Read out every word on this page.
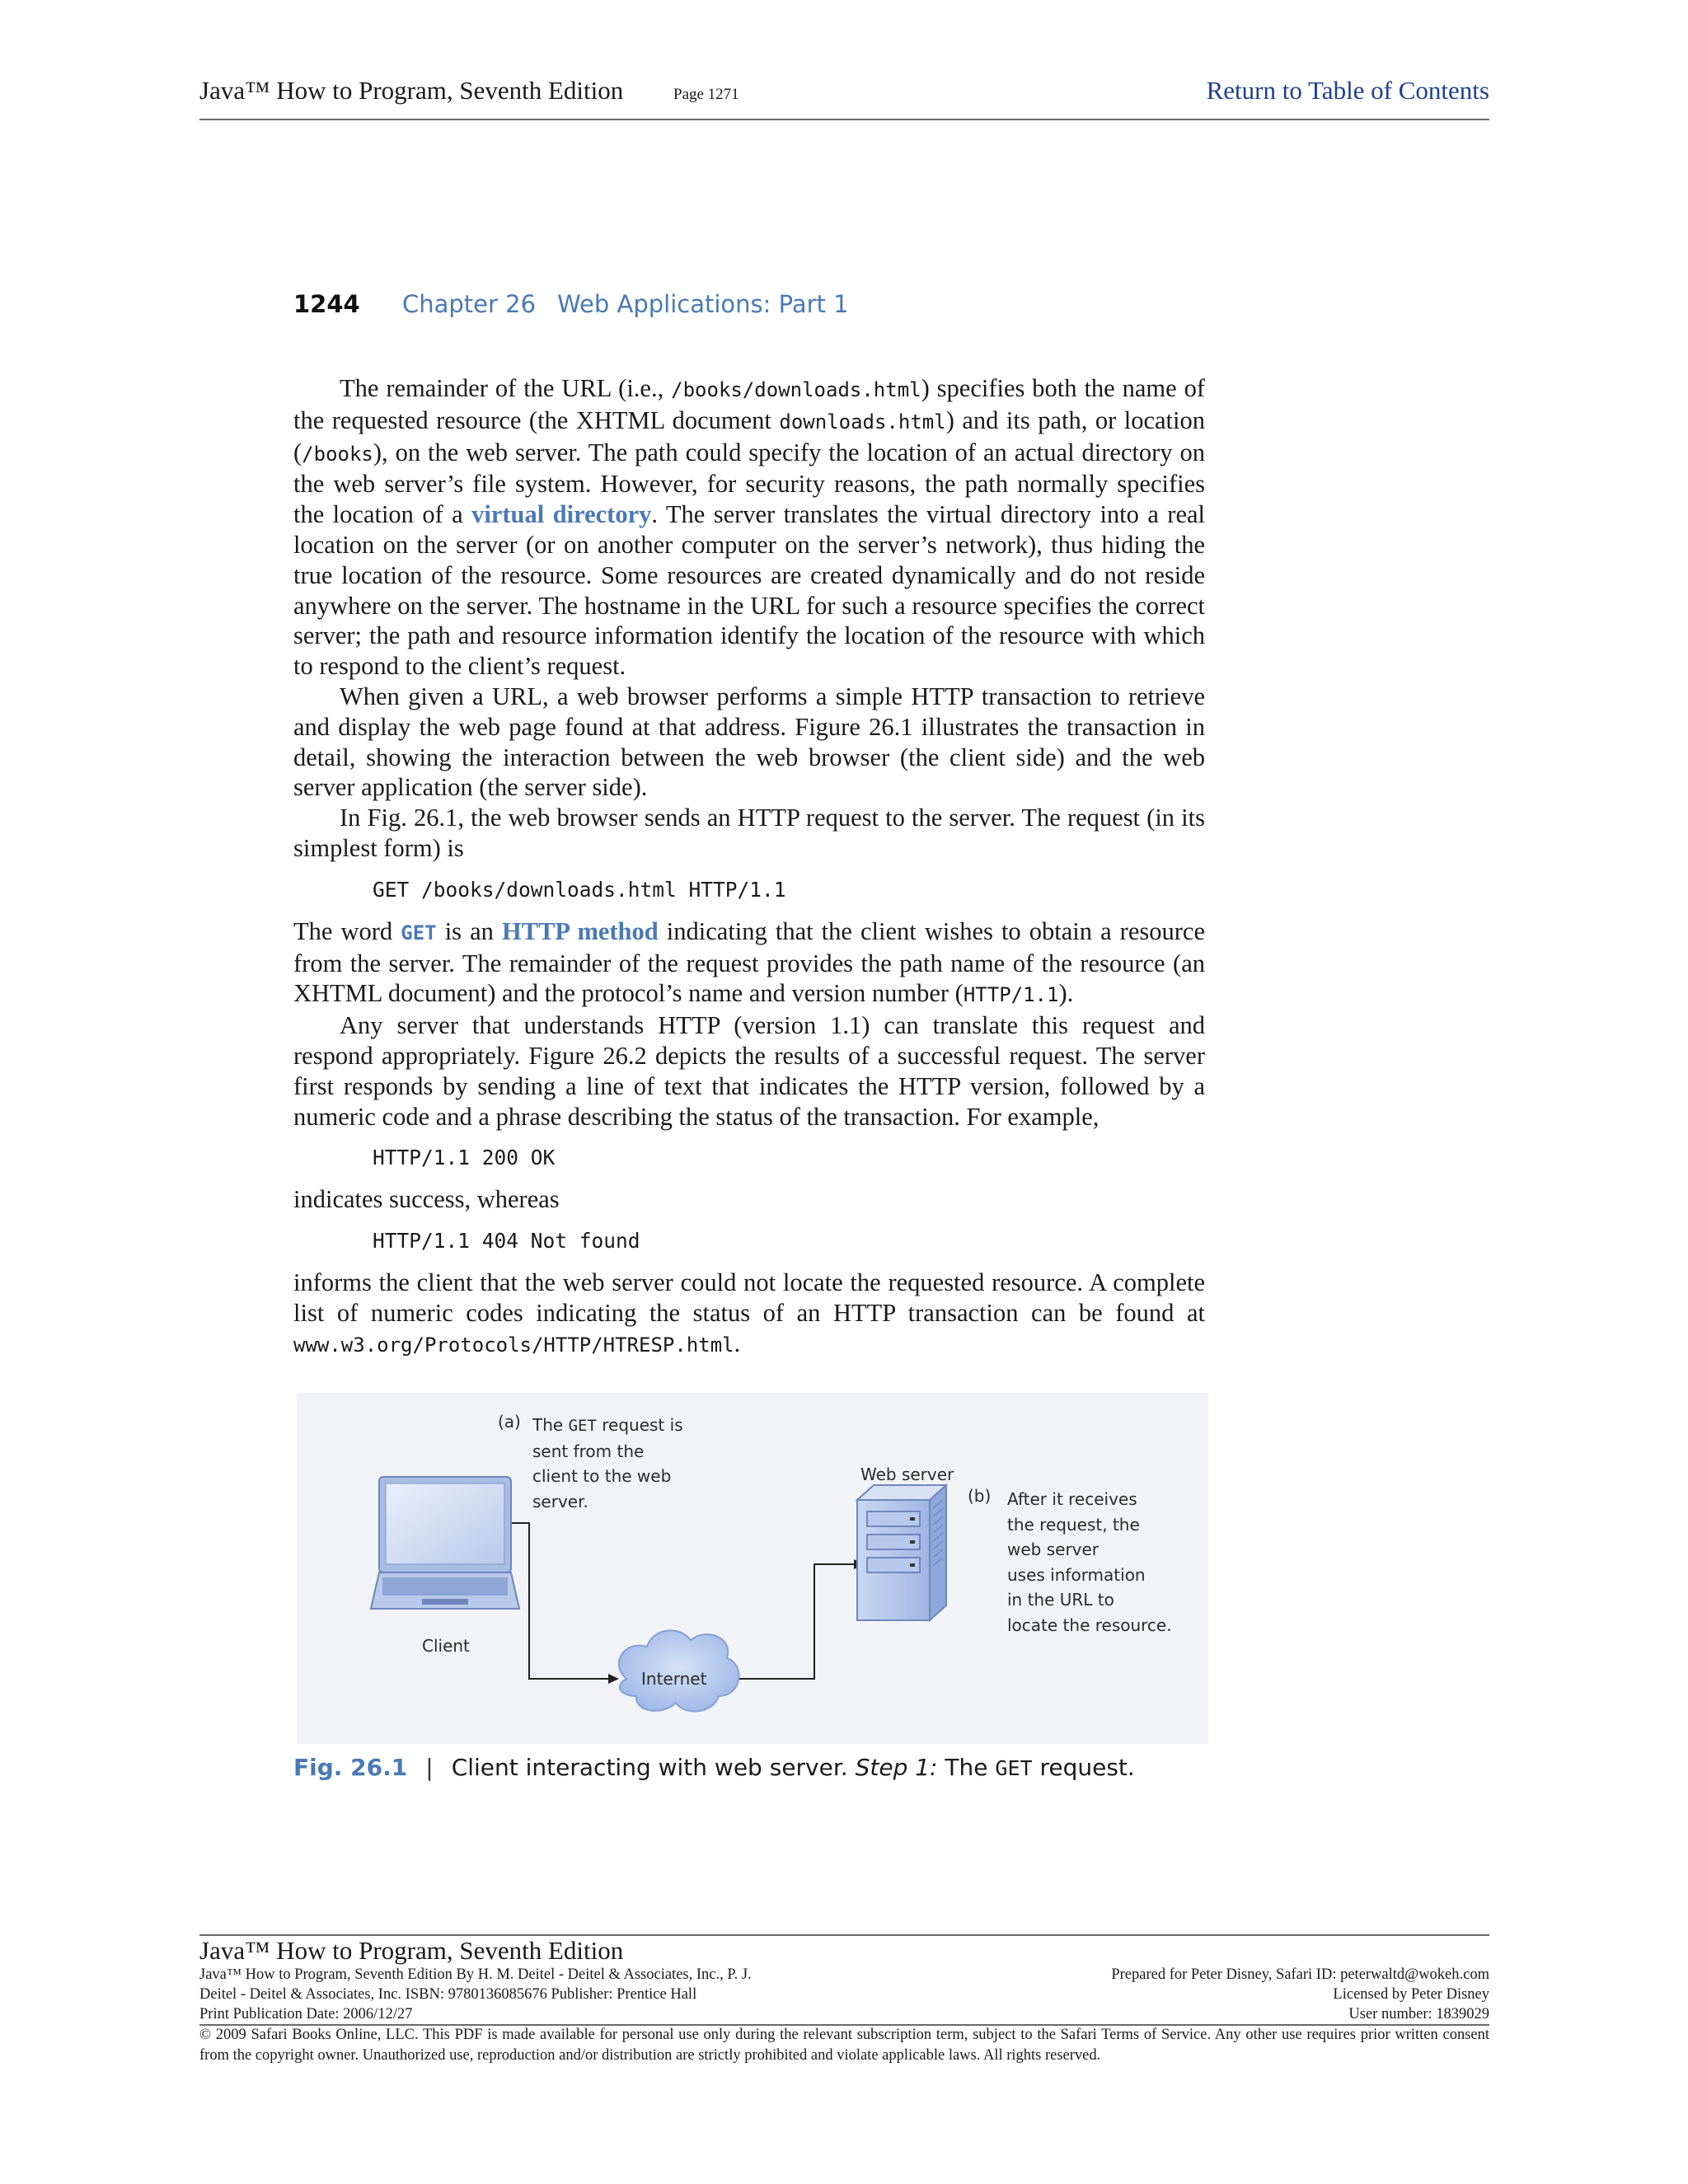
Java™ How to Program, Seventh Edition	Page 1271	Return to Table of Contents
1244 Chapter 26 Web Applications: Part 1

The remainder of the URL (i.e., /books/downloads.html) specifies both the name of the requested resource (the XHTML document downloads.html) and its path, or location (/books), on the web server. The path could specify the location of an actual directory on the web server’s file system. However, for security reasons, the path normally specifies the location of a virtual directory. The server translates the virtual directory into a real location on the server (or on another computer on the server’s network), thus hiding the true location of the resource. Some resources are created dynamically and do not reside anywhere on the server. The hostname in the URL for such a resource specifies the correct server; the path and resource information identify the location of the resource with which to respond to the client’s request.

When given a URL, a web browser performs a simple HTTP transaction to retrieve and display the web page found at that address. Figure 26.1 illustrates the transaction in detail, showing the interaction between the web browser (the client side) and the web server application (the server side).

In Fig. 26.1, the web browser sends an HTTP request to the server. The request (in its simplest form) is

GET /books/downloads.html HTTP/1.1

The word GET is an HTTP method indicating that the client wishes to obtain a resource from the server. The remainder of the request provides the path name of the resource (an XHTML document) and the protocol’s name and version number (HTTP/1.1).

Any server that understands HTTP (version 1.1) can translate this request and respond appropriately. Figure 26.2 depicts the results of a successful request. The server first responds by sending a line of text that indicates the HTTP version, followed by a numeric code and a phrase describing the status of the transaction. For example,

HTTP/1.1 200 OK

indicates success, whereas

HTTP/1.1 404 Not found

informs the client that the web server could not locate the requested resource. A complete list of numeric codes indicating the status of an HTTP transaction can be found at www.w3.org/Protocols/HTTP/HTRESP.html.

(a) The GET request is
sent from the
client to the web
server.
Web server
(b) After it receives
the request, the
web server
uses information
in the URL to
locate the resource.
Client
Internet
Fig. 26.1 | Client interacting with web server. Step 1: The GET request.
Java™ How to Program, Seventh Edition
Java™ How to Program, Seventh Edition By H. M. Deitel - Deitel & Associates, Inc., P. J.
Deitel - Deitel & Associates, Inc. ISBN: 9780136085676 Publisher: Prentice Hall
Print Publication Date: 2006/12/27
Prepared for Peter Disney, Safari ID: peterwaltd@wokeh.com
Licensed by Peter Disney
User number: 1839029
© 2009 Safari Books Online, LLC. This PDF is made available for personal use only during the relevant subscription term, subject to the Safari Terms of Service. Any other use requires prior written consent from the copyright owner. Unauthorized use, reproduction and/or distribution are strictly prohibited and violate applicable laws. All rights reserved.
